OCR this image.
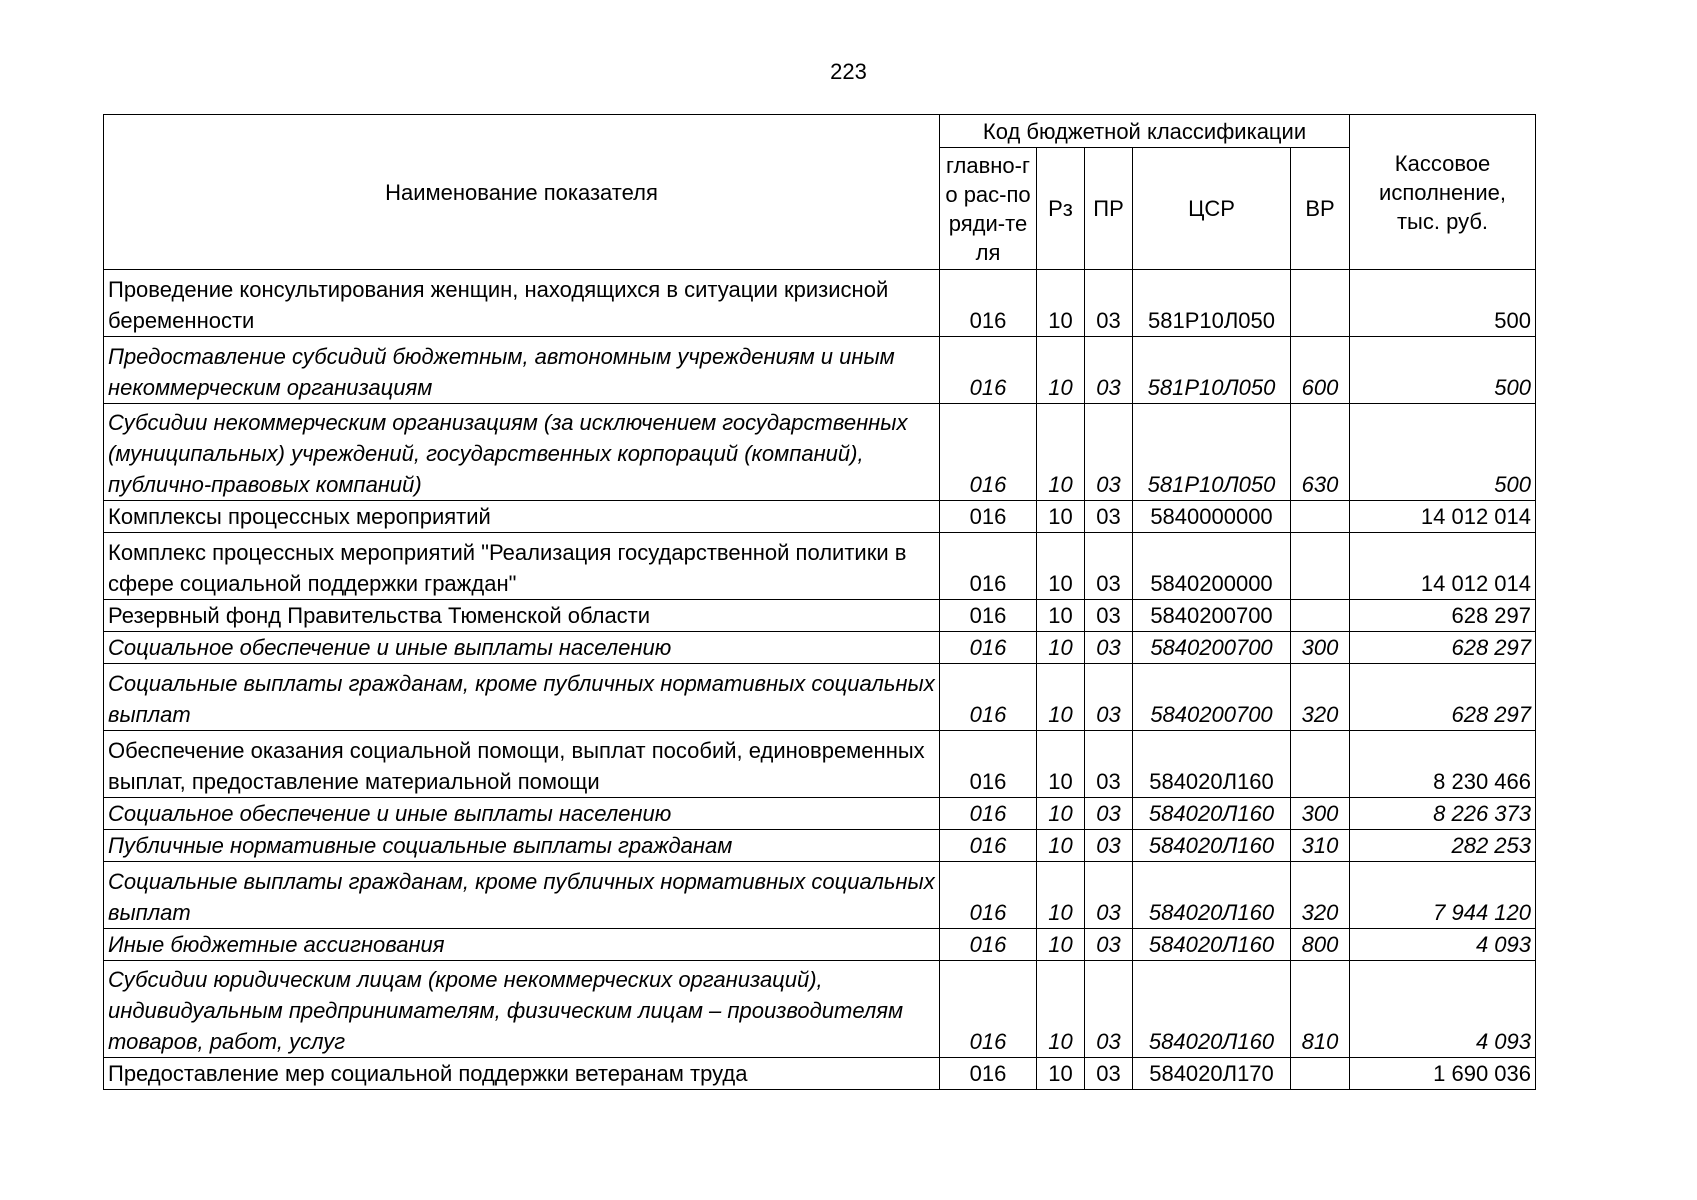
223
Наименование показателя	Код бюджетной классификации					Кассовое исполнение, тыс. руб.

	главно-го рас-поряди-теля	Рз	ПР	ЦСР	ВР	
Проведение консультирования женщин, находящихся в ситуации кризисной беременности	016	10	03	581Р10Л050		500
Предоставление субсидий бюджетным, автономным учреждениям и иным некоммерческим организациям	016	10	03	581Р10Л050	600	500
Субсидии некоммерческим организациям (за исключением государственных (муниципальных) учреждений, государственных корпораций (компаний), публично-правовых компаний)	016	10	03	581Р10Л050	630	500
Комплексы процессных мероприятий	016	10	03	5840000000		14 012 014
Комплекс процессных мероприятий "Реализация государственной политики в сфере социальной поддержки граждан"	016	10	03	5840200000		14 012 014
Резервный фонд Правительства Тюменской области	016	10	03	5840200700		628 297
Социальное обеспечение и иные выплаты населению	016	10	03	5840200700	300	628 297
Социальные выплаты гражданам, кроме публичных нормативных социальных выплат	016	10	03	5840200700	320	628 297
Обеспечение оказания социальной помощи, выплат пособий, единовременных выплат, предоставление материальной помощи	016	10	03	584020Л160		8 230 466
Социальное обеспечение и иные выплаты населению	016	10	03	584020Л160	300	8 226 373
Публичные нормативные социальные выплаты гражданам	016	10	03	584020Л160	310	282 253
Социальные выплаты гражданам, кроме публичных нормативных социальных выплат	016	10	03	584020Л160	320	7 944 120
Иные бюджетные ассигнования	016	10	03	584020Л160	800	4 093
Субсидии юридическим лицам (кроме некоммерческих организаций), индивидуальным предпринимателям, физическим лицам – производителям товаров, работ, услуг	016	10	03	584020Л160	810	4 093
Предоставление мер социальной поддержки ветеранам труда	016	10	03	584020Л170		1 690 036
